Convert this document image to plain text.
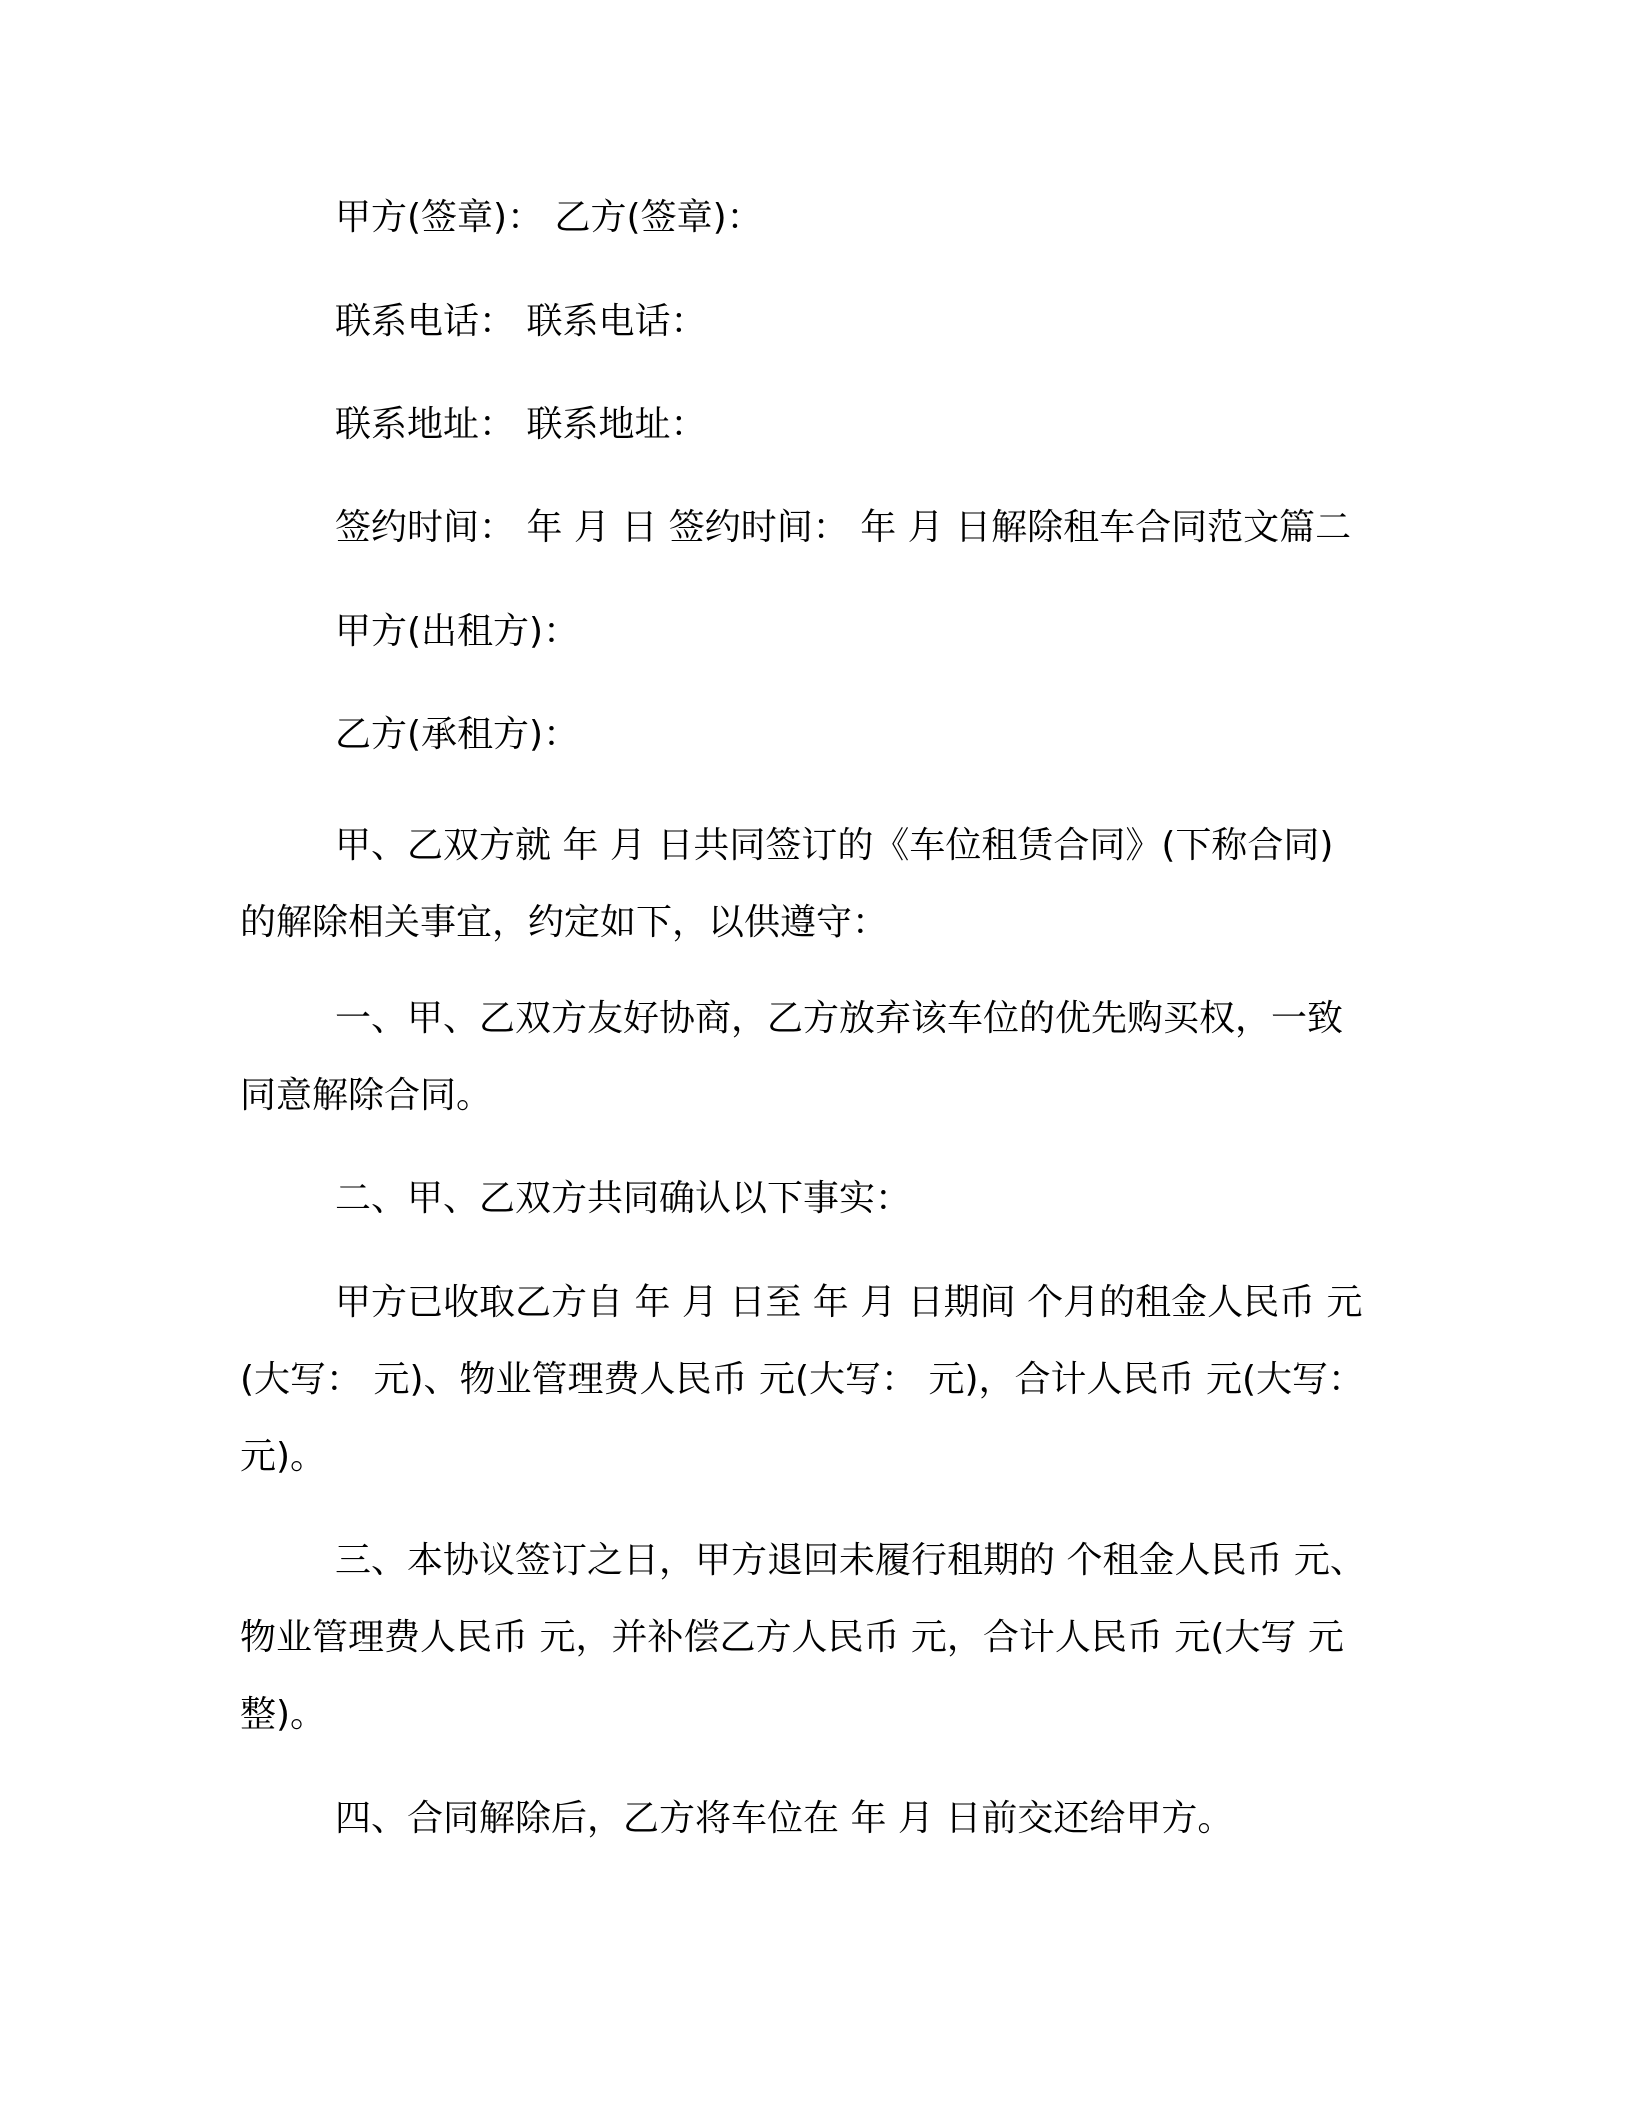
甲方(签章)： 乙方(签章)：
联系电话： 联系电话：
联系地址： 联系地址：
签约时间： 年 月 日 签约时间： 年 月 日解除租车合同范文篇二
甲方(出租方)：
乙方(承租方)：
甲、乙双方就 年 月 日共同签订的《车位租赁合同》(下称合同)
的解除相关事宜，约定如下，以供遵守：
一、甲、乙双方友好协商，乙方放弃该车位的优先购买权，一致
同意解除合同。
二、甲、乙双方共同确认以下事实：
甲方已收取乙方自 年 月 日至 年 月 日期间 个月的租金人民币 元
(大写： 元)、物业管理费人民币 元(大写： 元)，合计人民币 元(大写：
元)。
三、本协议签订之日，甲方退回未履行租期的 个租金人民币 元、
物业管理费人民币 元，并补偿乙方人民币 元，合计人民币 元(大写 元
整)。
四、合同解除后，乙方将车位在 年 月 日前交还给甲方。
